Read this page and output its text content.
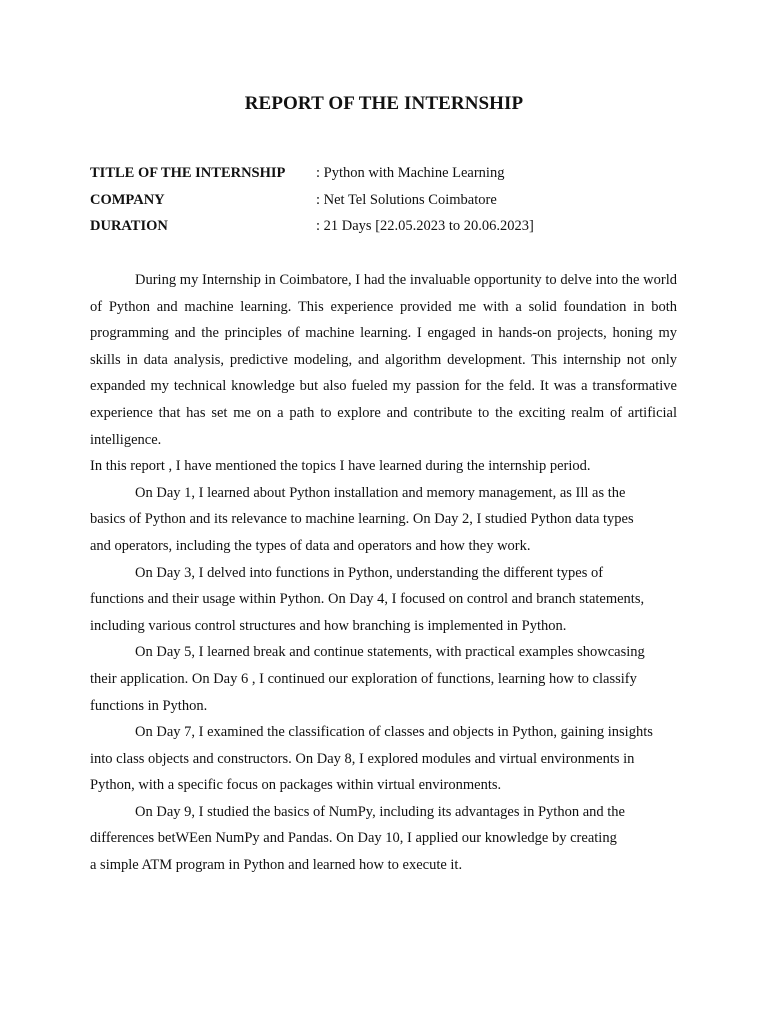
REPORT OF THE INTERNSHIP
TITLE OF THE INTERNSHIP : Python with Machine Learning
COMPANY	: Net Tel Solutions Coimbatore
DURATION	: 21 Days [22.05.2023 to 20.06.2023]

During my Internship in Coimbatore, I had the invaluable opportunity to delve into the world of Python and machine learning. This experience provided me with a solid foundation in both programming and the principles of machine learning. I engaged in hands-on projects, honing my skills in data analysis, predictive modeling, and algorithm development. This internship not only expanded my technical knowledge but also fueled my passion for the feld. It was a transformative experience that has set me on a path to explore and contribute to the exciting realm of artificial intelligence.

In this report , I have mentioned the topics I have learned during the internship period.

On Day 1, I learned about Python installation and memory management, as Ill as the
basics of Python and its relevance to machine learning. On Day 2, I studied Python data types
and operators, including the types of data and operators and how they work.

On Day 3, I delved into functions in Python, understanding the different types of
functions and their usage within Python. On Day 4, I focused on control and branch statements,
including various control structures and how branching is implemented in Python.

On Day 5, I learned break and continue statements, with practical examples showcasing
their application. On Day 6 , I continued our exploration of functions, learning how to classify
functions in Python.

On Day 7, I examined the classification of classes and objects in Python, gaining insights
into class objects and constructors. On Day 8, I explored modules and virtual environments in
Python, with a specific focus on packages within virtual environments.

On Day 9, I studied the basics of NumPy, including its advantages in Python and the
differences betWEen NumPy and Pandas. On Day 10, I applied our knowledge by creating
a simple ATM program in Python and learned how to execute it.
